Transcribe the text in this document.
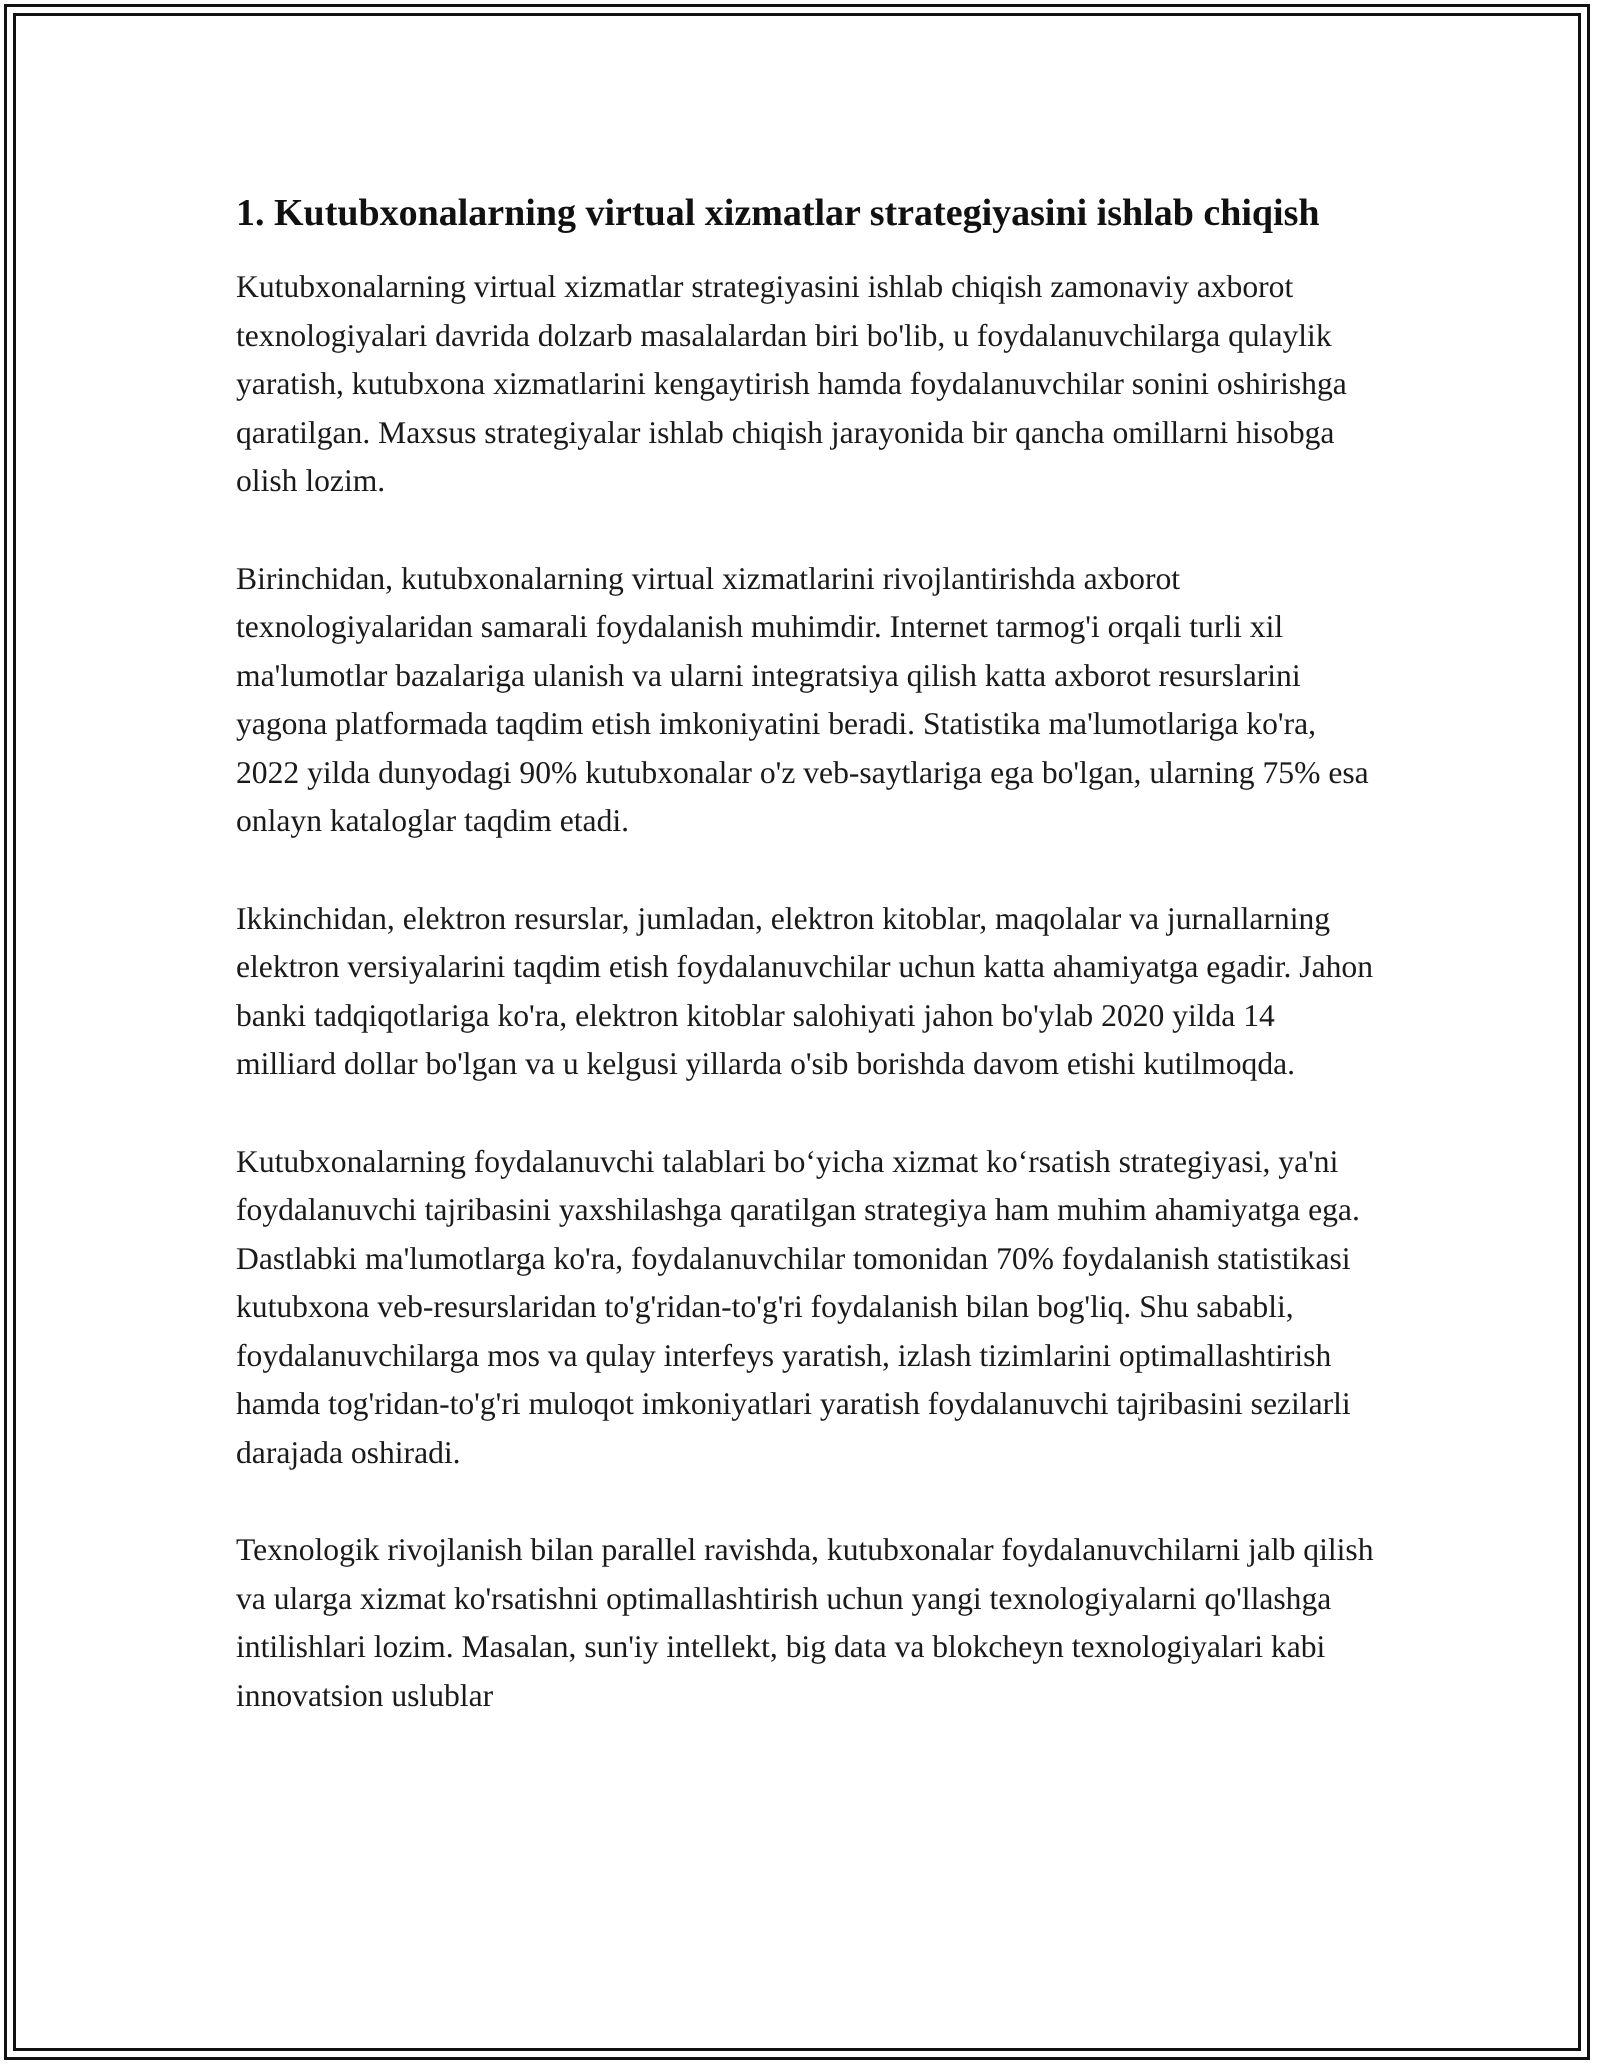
1. Kutubxonalarning virtual xizmatlar strategiyasini ishlab chiqish

Kutubxonalarning virtual xizmatlar strategiyasini ishlab chiqish zamonaviy axborot texnologiyalari davrida dolzarb masalalardan biri bo'lib, u foydalanuvchilarga qulaylik yaratish, kutubxona xizmatlarini kengaytirish hamda foydalanuvchilar sonini oshirishga qaratilgan. Maxsus strategiyalar ishlab chiqish jarayonida bir qancha omillarni hisobga olish lozim.

Birinchidan, kutubxonalarning virtual xizmatlarini rivojlantirishda axborot texnologiyalaridan samarali foydalanish muhimdir. Internet tarmog'i orqali turli xil ma'lumotlar bazalariga ulanish va ularni integratsiya qilish katta axborot resurslarini yagona platformada taqdim etish imkoniyatini beradi. Statistika ma'lumotlariga ko'ra, 2022 yilda dunyodagi 90% kutubxonalar o'z veb-saytlariga ega bo'lgan, ularning 75% esa onlayn kataloglar taqdim etadi.

Ikkinchidan, elektron resurslar, jumladan, elektron kitoblar, maqolalar va jurnallarning elektron versiyalarini taqdim etish foydalanuvchilar uchun katta ahamiyatga egadir. Jahon banki tadqiqotlariga ko'ra, elektron kitoblar salohiyati jahon bo'ylab 2020 yilda 14 milliard dollar bo'lgan va u kelgusi yillarda o'sib borishda davom etishi kutilmoqda.

Kutubxonalarning foydalanuvchi talablari bo‘yicha xizmat ko‘rsatish strategiyasi, ya'ni foydalanuvchi tajribasini yaxshilashga qaratilgan strategiya ham muhim ahamiyatga ega. Dastlabki ma'lumotlarga ko'ra, foydalanuvchilar tomonidan 70% foydalanish statistikasi kutubxona veb-resurslaridan to'g'ridan-to'g'ri foydalanish bilan bog'liq. Shu sababli, foydalanuvchilarga mos va qulay interfeys yaratish, izlash tizimlarini optimallashtirish hamda tog'ridan-to'g'ri muloqot imkoniyatlari yaratish foydalanuvchi tajribasini sezilarli darajada oshiradi.

Texnologik rivojlanish bilan parallel ravishda, kutubxonalar foydalanuvchilarni jalb qilish va ularga xizmat ko'rsatishni optimallashtirish uchun yangi texnologiyalarni qo'llashga intilishlari lozim. Masalan, sun'iy intellekt, big data va blokcheyn texnologiyalari kabi innovatsion uslublar
